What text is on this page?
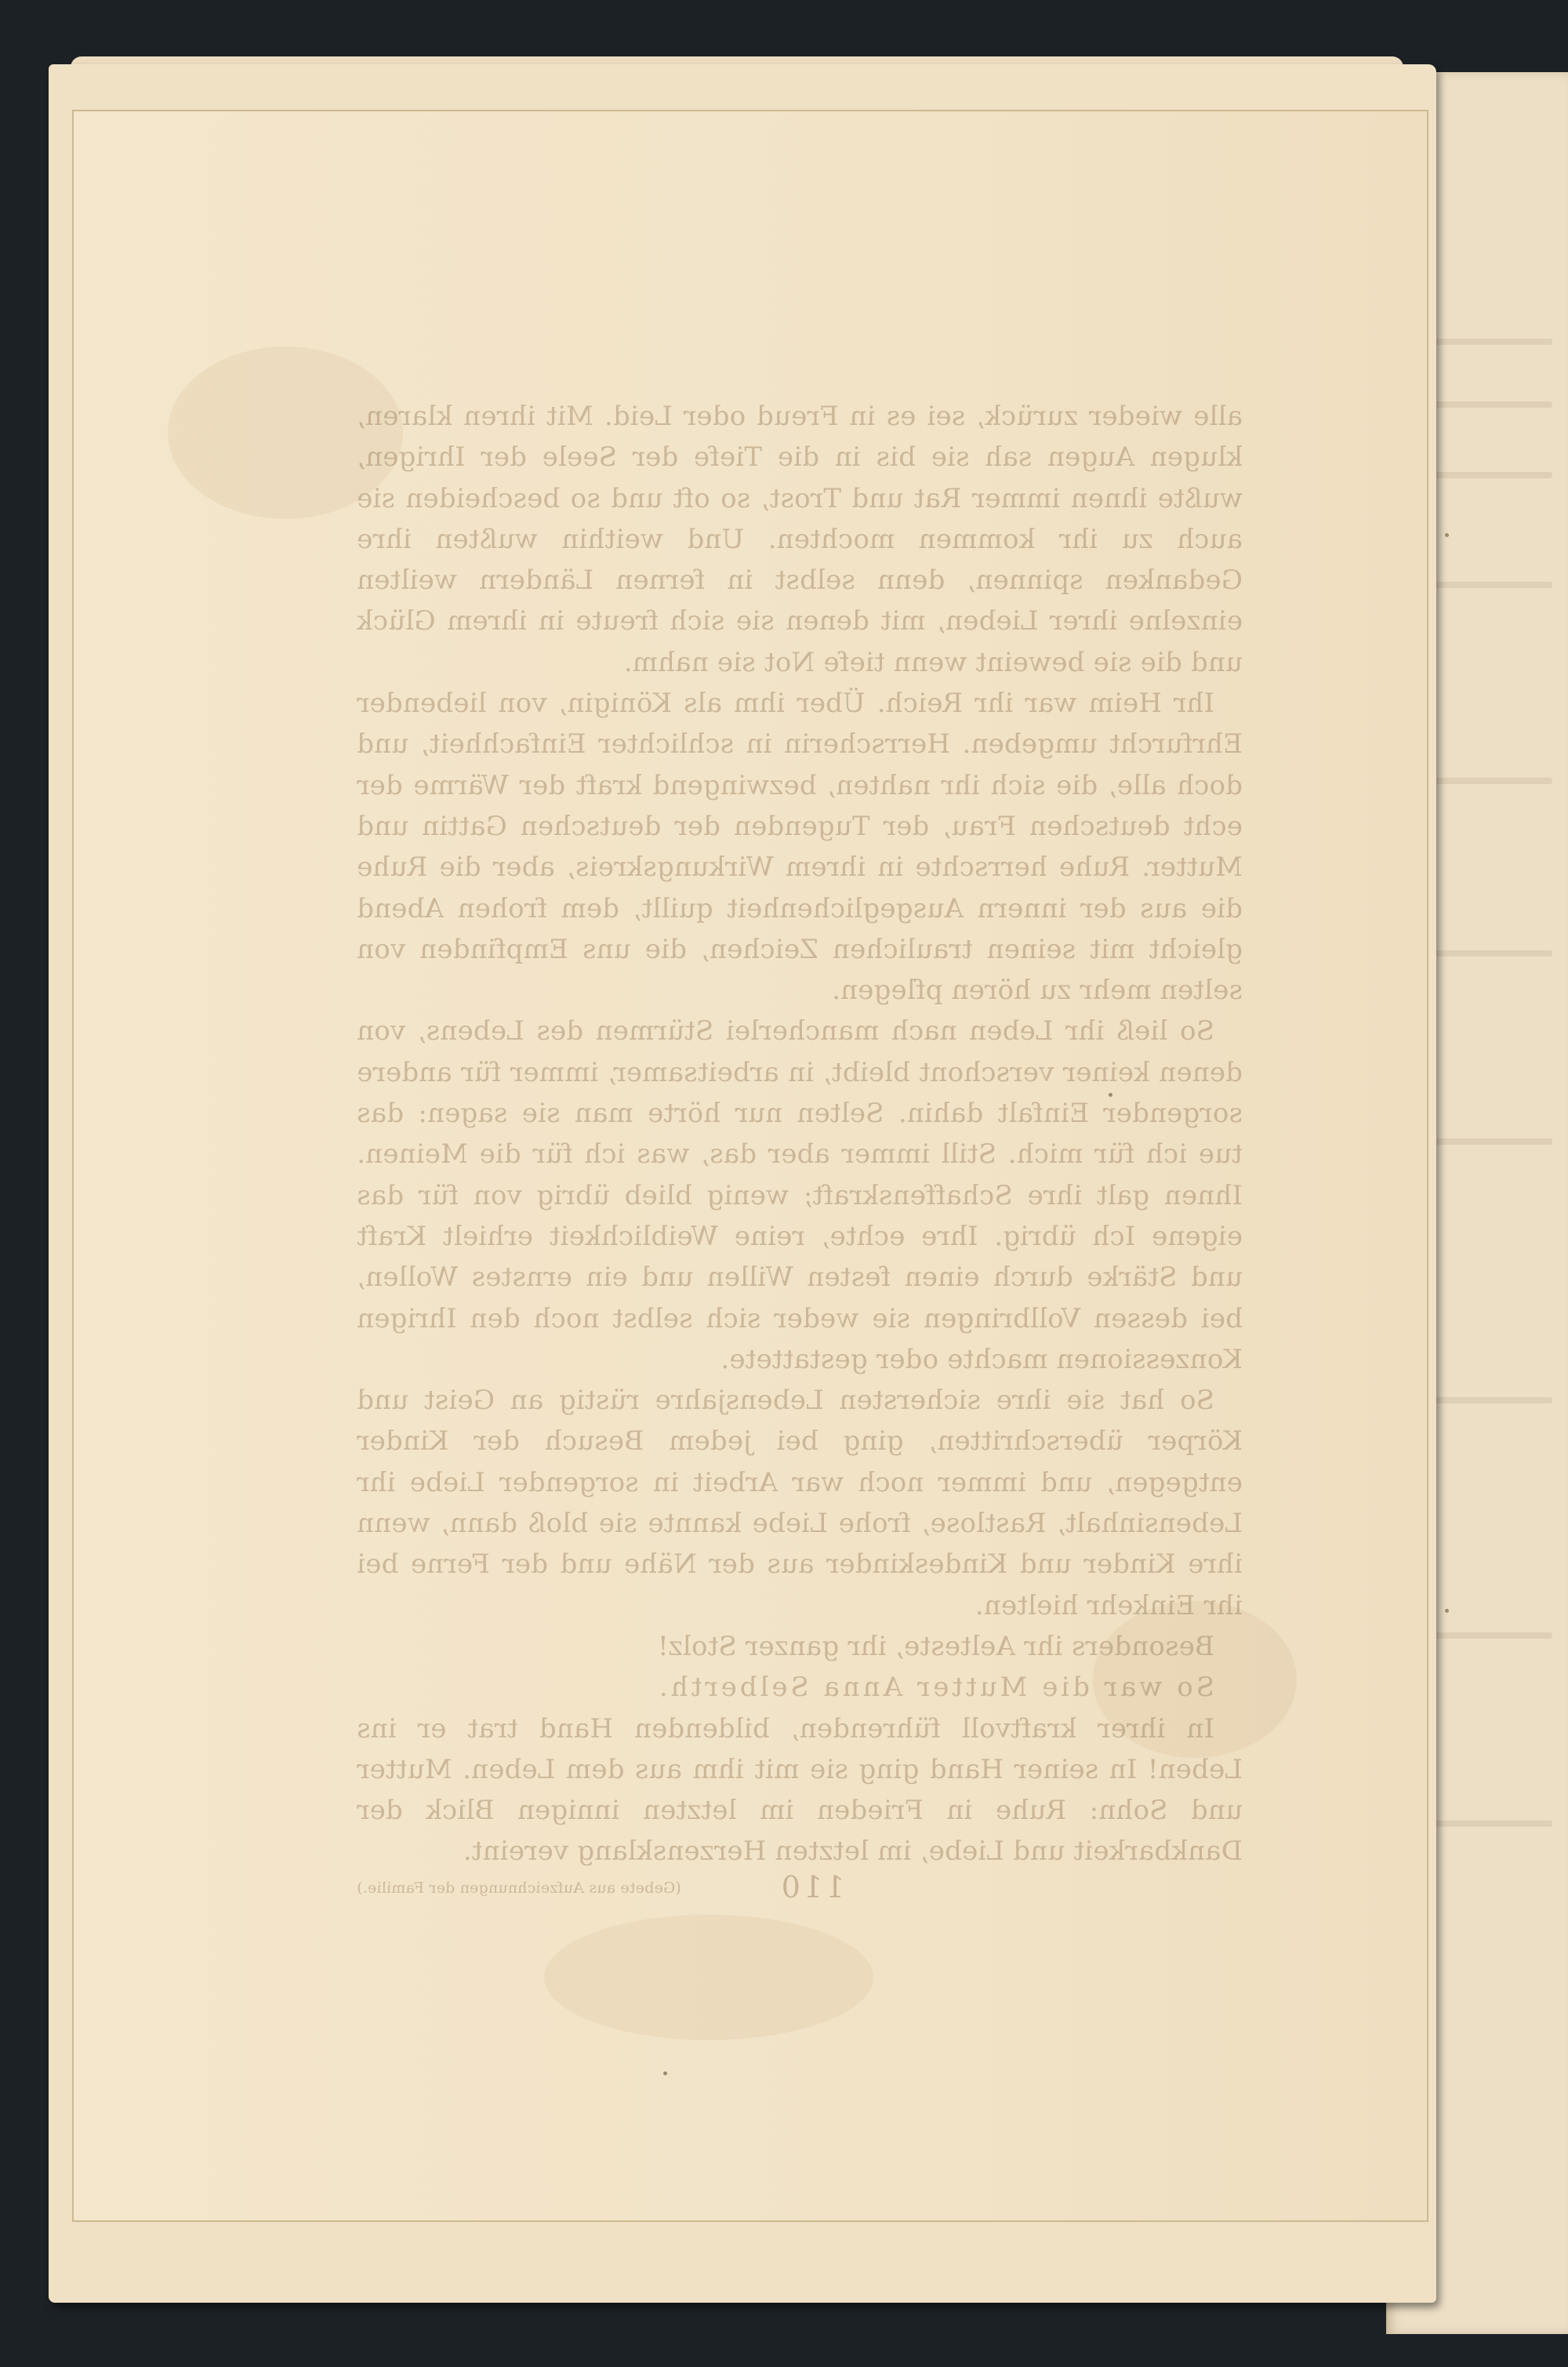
alle wieder zurück, sei es in Freud oder Leid. Mit ihren klaren, klugen Augen sah sie bis in die Tiefe der Seele der Ihrigen, wußte ihnen immer Rat und Trost, so oft und so bescheiden sie auch zu ihr kommen mochten. Und weithin wußten ihre Gedanken spinnen, denn selbst in fernen Ländern weilten einzelne ihrer Lieben, mit denen sie sich freute in ihrem Glück und die sie beweint wenn tiefe Not sie nahm.

Ihr Heim war ihr Reich. Über ihm als Königin, von liebender Ehrfurcht umgeben. Herrscherin in schlichter Einfachheit, und doch alle, die sich ihr nahten, bezwingend kraft der Wärme der echt deutschen Frau, der Tugenden der deutschen Gattin und Mutter. Ruhe herrschte in ihrem Wirkungskreis, aber die Ruhe die aus der innern Ausgeglichenheit quillt, dem frohen Abend gleicht mit seinen traulichen Zeichen, die uns Empfinden von selten mehr zu hören pflegen.

So ließ ihr Leben nach mancherlei Stürmen des Lebens, von denen keiner verschont bleibt, in arbeitsamer, immer für andere sorgender Einfalt dahin. Selten nur hörte man sie sagen: das tue ich für mich. Still immer aber das, was ich für die Meinen. Ihnen galt ihre Schaffenskraft; wenig blieb übrig von für das eigene Ich übrig. Ihre echte, reine Weiblichkeit erhielt Kraft und Stärke durch einen festen Willen und ein ernstes Wollen, bei dessen Vollbringen sie weder sich selbst noch den Ihrigen Konzessionen machte oder gestattete.

So hat sie ihre sichersten Lebensjahre rüstig an Geist und Körper überschritten, ging bei jedem Besuch der Kinder entgegen, und immer noch war Arbeit in sorgender Liebe ihr Lebensinhalt, Rastlose, frohe Liebe kannte sie bloß dann, wenn ihre Kinder und Kindeskinder aus der Nähe und der Ferne bei ihr Einkehr hielten.

Besonders ihr Aelteste, ihr ganzer Stolz!

So war die Mutter Anna Selberth.

In ihrer kraftvoll führenden, bildenden Hand trat er ins Leben! In seiner Hand ging sie mit ihm aus dem Leben. Mutter und Sohn: Ruhe in Frieden im letzten innigen Blick der Dankbarkeit und Liebe, im letzten Herzensklang vereint.

(Gebete aus Aufzeichnungen der Familie.)	110
